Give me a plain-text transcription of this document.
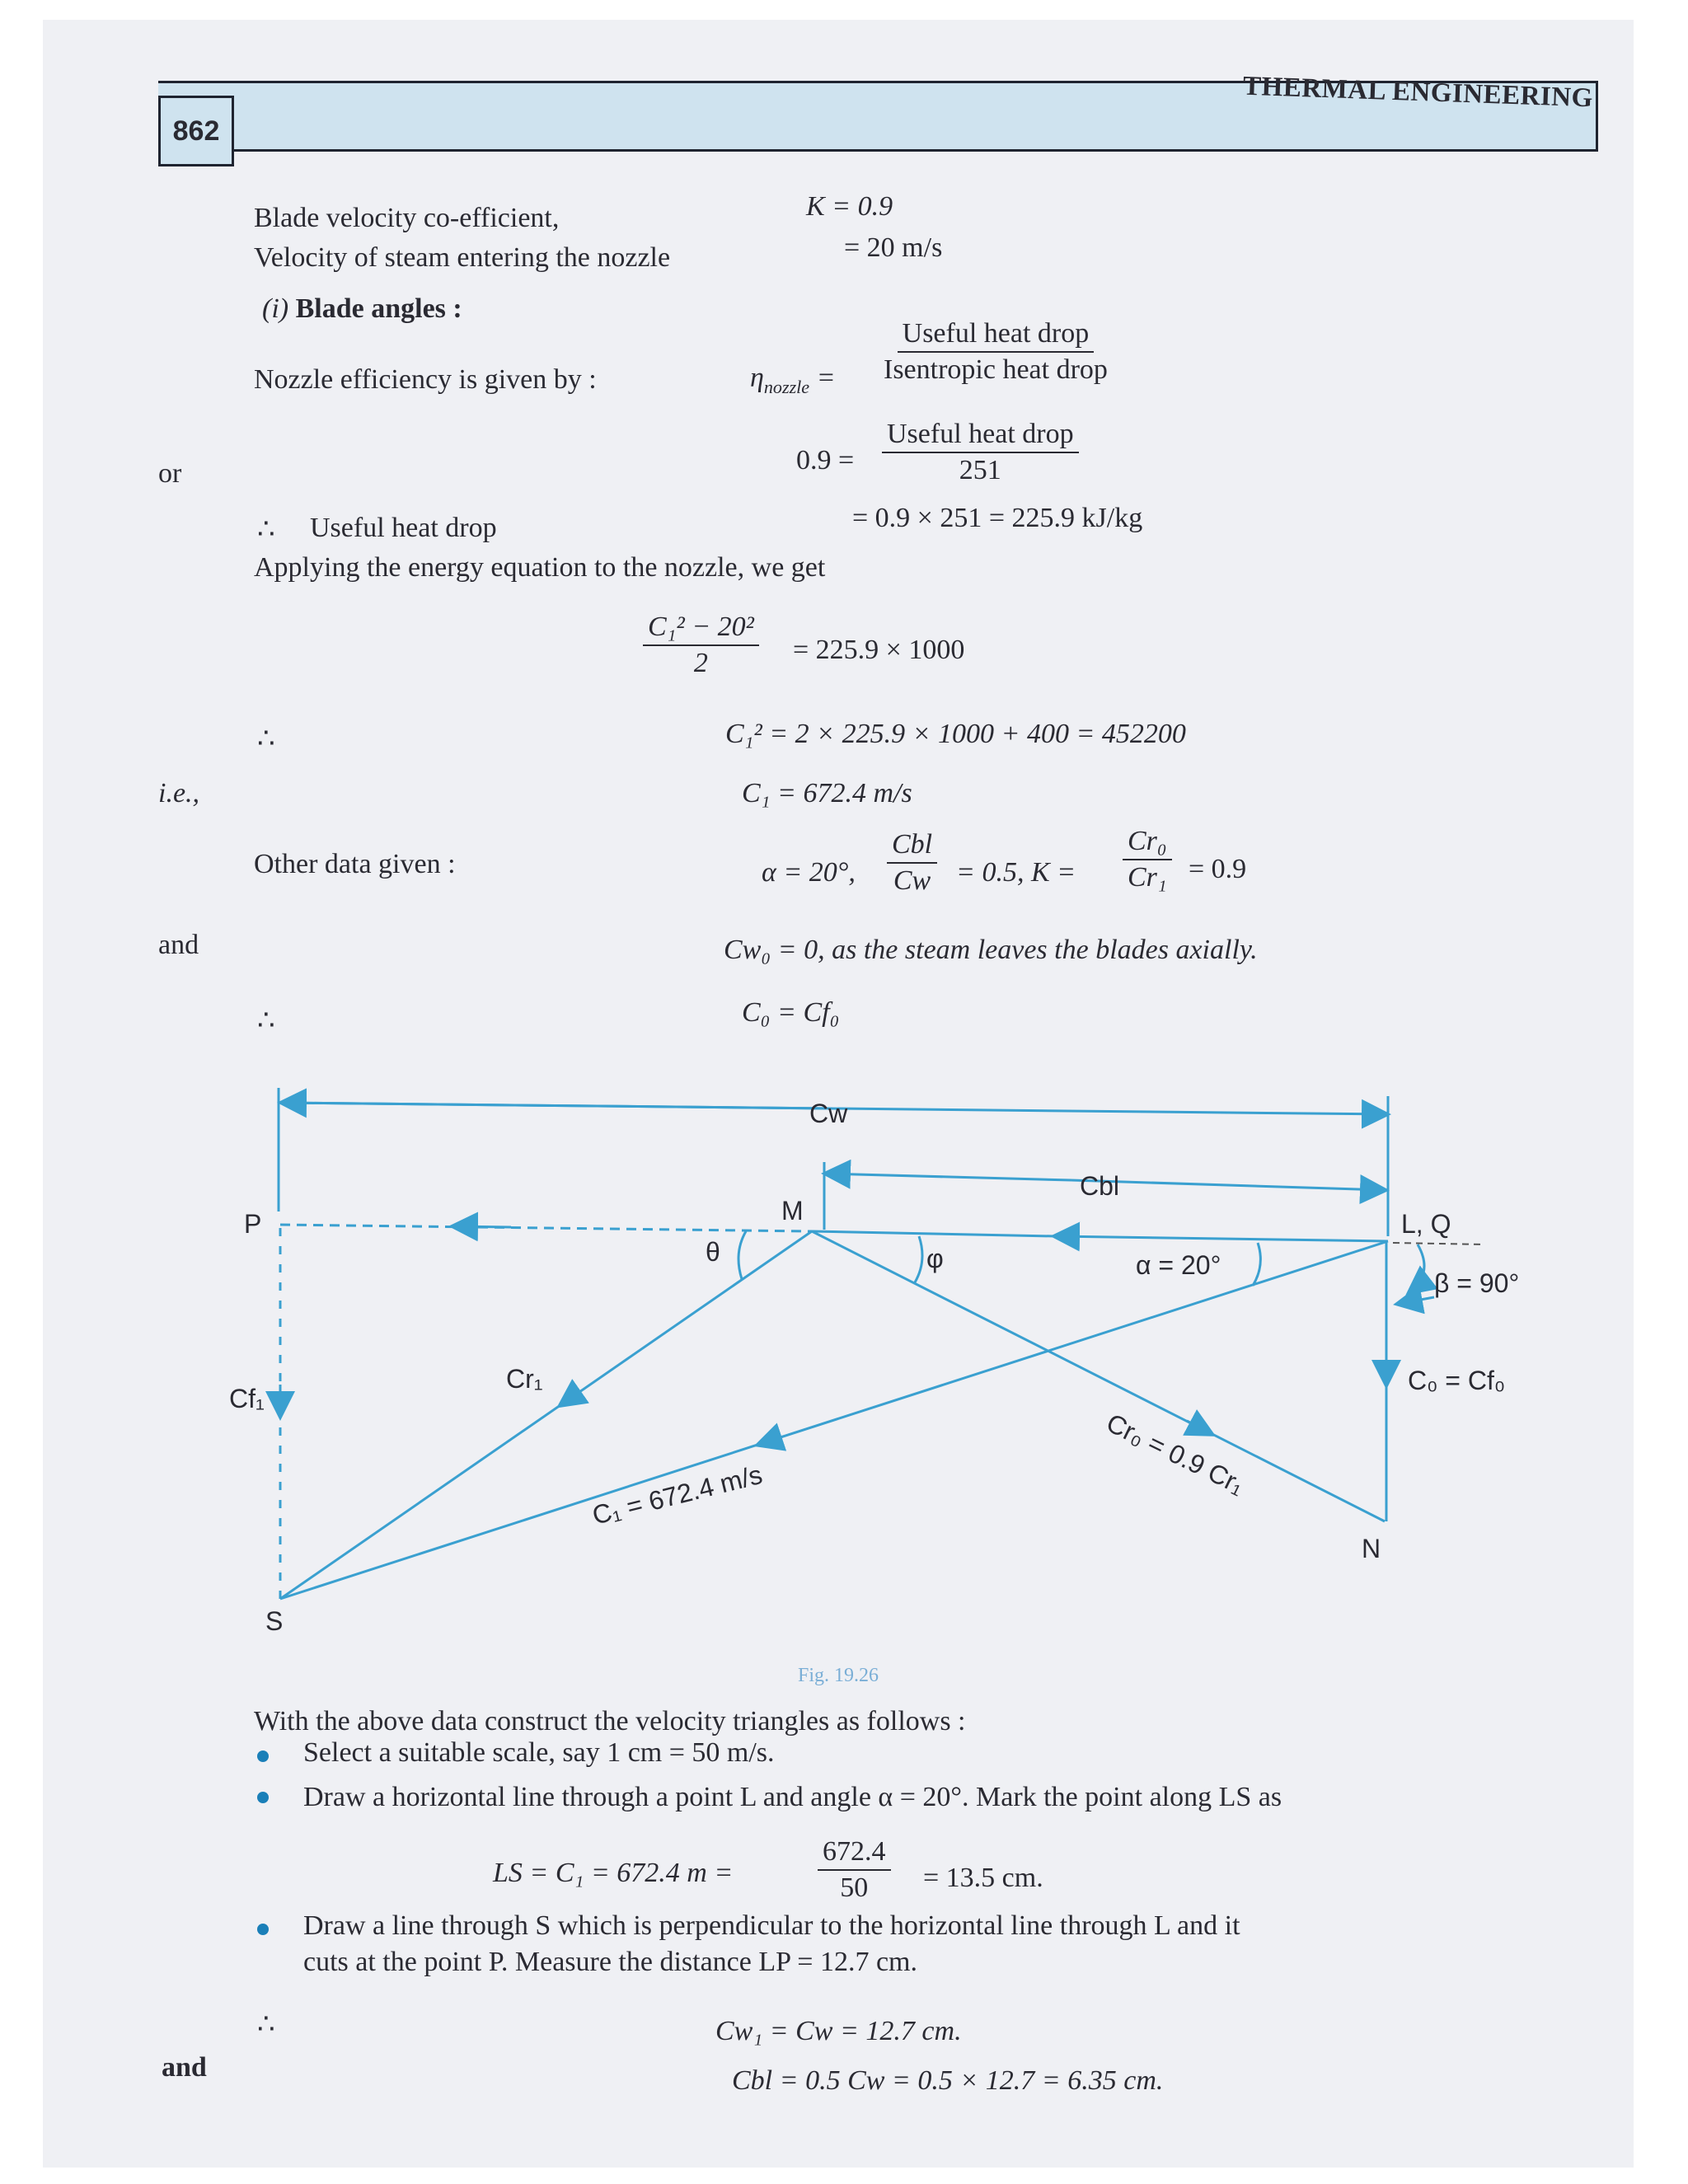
862
THERMAL ENGINEERING
Blade velocity co-efficient,	K = 0.9
Velocity of steam entering the nozzle	= 20 m/s
(i) Blade angles :
Nozzle efficiency is given by :	$\eta_{nozzle} = \frac{\text{Useful heat drop}}{\text{Isentropic heat drop}}$
or	$0.9 = \frac{\text{Useful heat drop}}{251}$
∴ Useful heat drop	= 0.9 × 251 = 225.9 kJ/kg
Applying the energy equation to the nozzle, we get
$\frac{\text{C₁² − 20²}}{2} = 225.9 \times 1000$
∴	C₁² = 2 × 225.9 × 1000 + 400 = 452200
i.e.,	C₁ = 672.4 m/s
Other data given :	α = 20°, $\frac{\text{Cbl}}{Cw} = 0.5$, $K = \frac{\text{Cr₀}}{\text{Cr₁}} = 0.9$
and	Cw₀ = 0, as the steam leaves the blades axially.
∴	C₀ = Cf₀
Cw
Cbl
P	M	L, Q
θ	φ	α = 20°
β = 90°
Cf₁
Cr₁	C₀ = Cf₀
C₁ = 672.4 m/s	Cr₀ = 0.9 Cr₁
N
S
Fig. 19.26
With the above data construct the velocity triangles as follows :
Select a suitable scale, say 1 cm = 50 m/s.
Draw a horizontal line through a point L and angle α = 20°. Mark the point along LS as
LS = C₁ = 672.4 m =	$\frac{672.4}{50} = 13.5$ cm.
Draw a line through S which is perpendicular to the horizontal line through L and it
cuts at the point P. Measure the distance LP = 12.7 cm.
∴	Cw₁ = Cw = 12.7 cm.
and	Cbl = 0.5 Cw = 0.5 × 12.7 = 6.35 cm.
